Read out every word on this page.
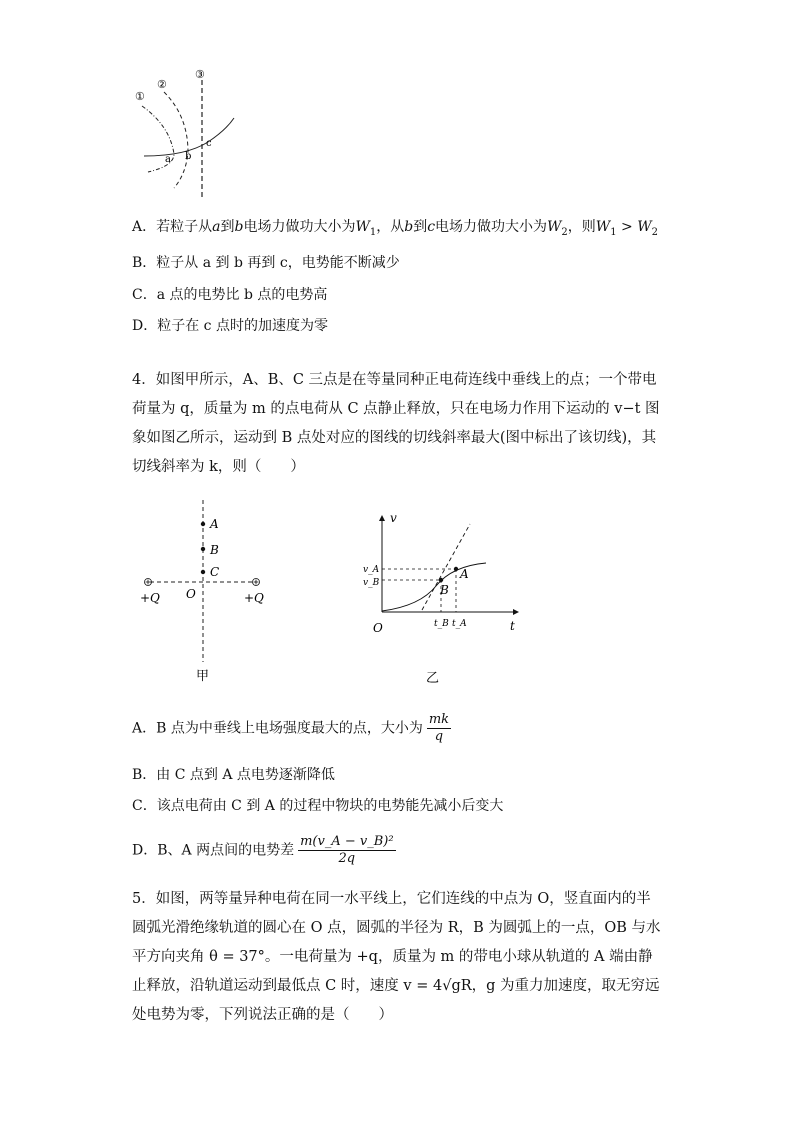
①
②
③
a b
c
A．若粒子从a到b电场力做功大小为$W_1$，从b到c电场力做功大小为$W_2$，则$W_1 > W_2$
B．粒子从 a 到 b 再到 c，电势能不断减少
C．a 点的电势比 b 点的电势高
D．粒子在 c 点时的加速度为零
4．如图甲所示，A、B、C 三点是在等量同种正电荷连线中垂线上的点；一个带电荷量为 q，质量为 m 的点电荷从 C 点静止释放，只在电场力作用下运动的 v−t 图象如图乙所示，运动到 B 点处对应的图线的切线斜率最大(图中标出了该切线)，其切线斜率为 k，则（　　）
A
B
C
O
+Q	+Q
甲
v
t
O
v_A
v_B
t_B t_A
A
B
乙
A．B 点为中垂线上电场强度最大的点，大小为 $\frac{mk}{q}$
B．由 C 点到 A 点电势逐渐降低
C．该点电荷由 C 到 A 的过程中物块的电势能先减小后变大
D．B、A 两点间的电势差 $\frac{\text{m(v\_A − v\_B)²}}{2q}$
5．如图，两等量异种电荷在同一水平线上，它们连线的中点为 O，竖直面内的半圆弧光滑绝缘轨道的圆心在 O 点，圆弧的半径为 R，B 为圆弧上的一点，OB 与水平方向夹角 θ = 37°。一电荷量为 +q，质量为 m 的带电小球从轨道的 A 端由静止释放，沿轨道运动到最低点 C 时，速度 v = 4√gR，g 为重力加速度，取无穷远处电势为零，下列说法正确的是（　　）
